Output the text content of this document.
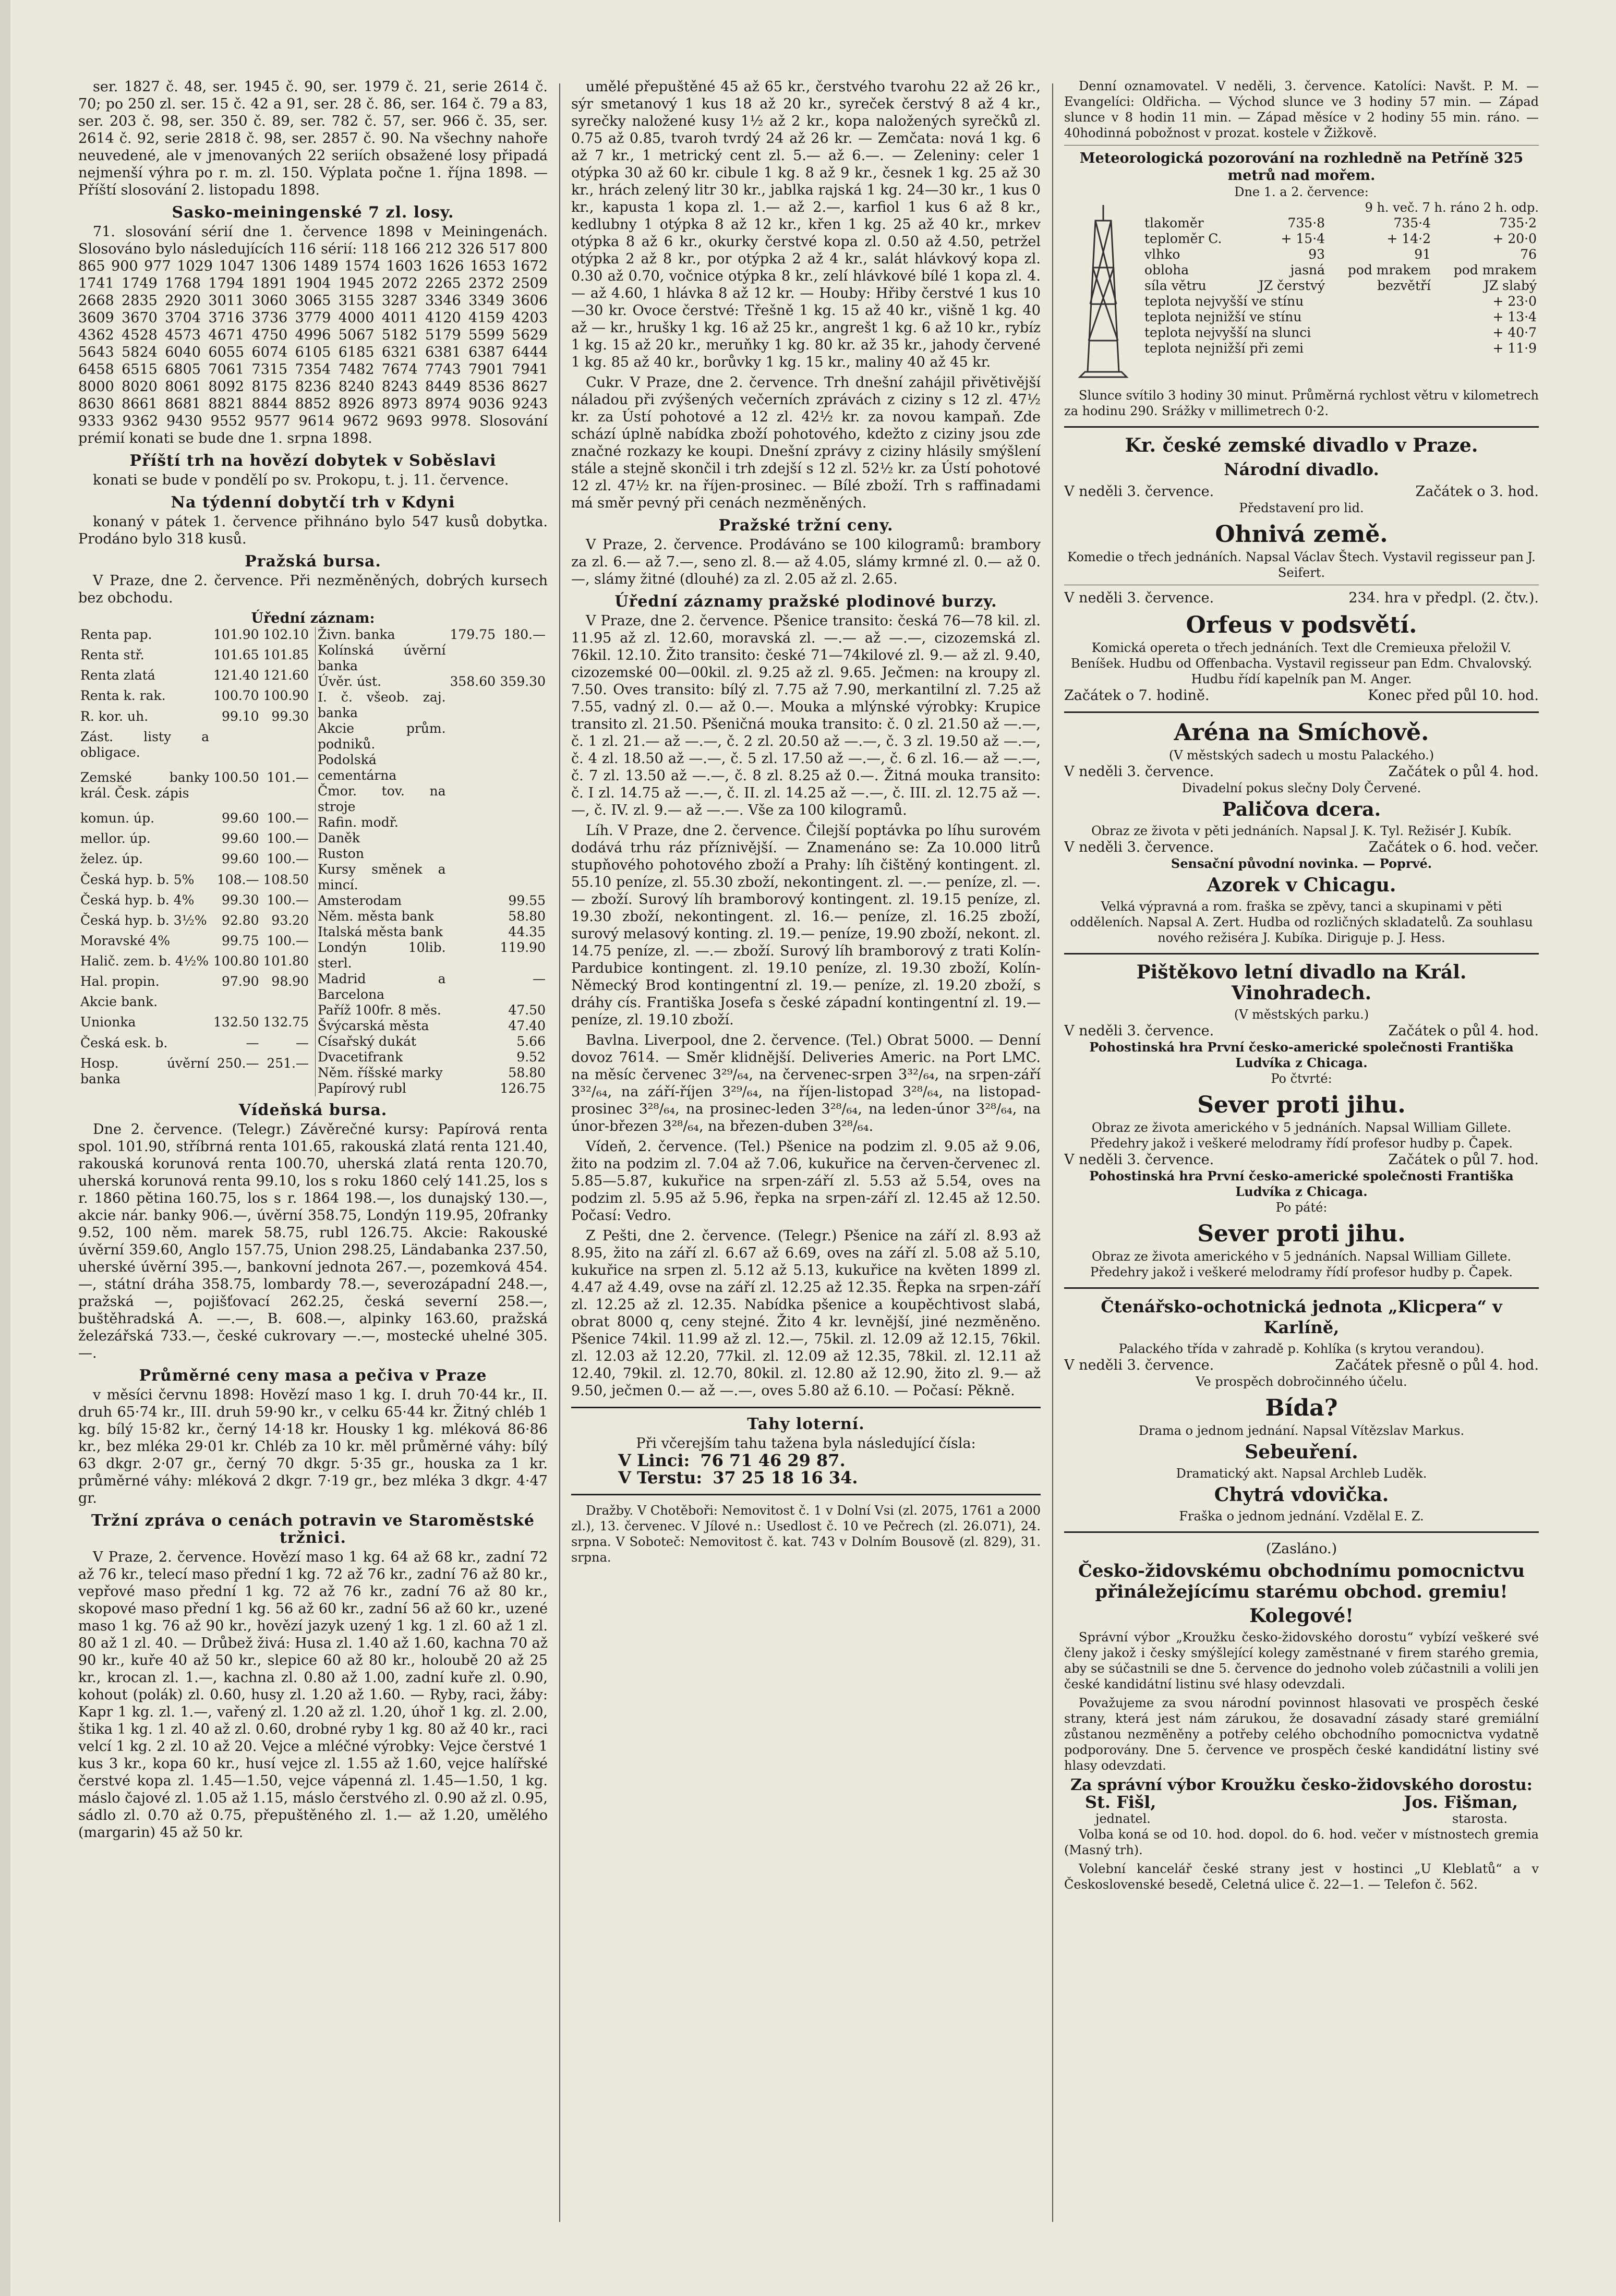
ser. 1827 č. 48, ser. 1945 č. 90, ser. 1979 č. 21, serie 2614 č. 70; po 250 zl. ser. 15 č. 42 a 91, ser. 28 č. 86, ser. 164 č. 79 a 83, ser. 203 č. 98, ser. 350 č. 89, ser. 782 č. 57, ser. 966 č. 35, ser. 2614 č. 92, serie 2818 č. 98, ser. 2857 č. 90. Na všechny nahoře neuvedené, ale v jmenovaných 22 seriích obsažené losy připadá nejmenší výhra po r. m. zl. 150. Výplata počne 1. října 1898. — Příští slosování 2. listopadu 1898.

Sasko-meiningenské 7 zl. losy.

71. slosování sérií dne 1. července 1898 v Meiningenách. Slosováno bylo následujících 116 sérií: 118 166 212 326 517 800 865 900 977 1029 1047 1306 1489 1574 1603 1626 1653 1672 1741 1749 1768 1794 1891 1904 1945 2072 2265 2372 2509 2668 2835 2920 3011 3060 3065 3155 3287 3346 3349 3606 3609 3670 3704 3716 3736 3779 4000 4011 4120 4159 4203 4362 4528 4573 4671 4750 4996 5067 5182 5179 5599 5629 5643 5824 6040 6055 6074 6105 6185 6321 6381 6387 6444 6458 6515 6805 7061 7315 7354 7482 7674 7743 7901 7941 8000 8020 8061 8092 8175 8236 8240 8243 8449 8536 8627 8630 8661 8681 8821 8844 8852 8926 8973 8974 9036 9243 9333 9362 9430 9552 9577 9614 9672 9693 9978. Slosování prémií konati se bude dne 1. srpna 1898.

Příští trh na hovězí dobytek v Soběslavi

konati se bude v pondělí po sv. Prokopu, t. j. 11. července.

Na týdenní dobytčí trh v Kdyni

konaný v pátek 1. července přihnáno bylo 547 kusů dobytka. Prodáno bylo 318 kusů.

Pražská bursa.

V Praze, dne 2. července. Při nezměněných, dobrých kursech bez obchodu.

Úřední záznam:
Renta pap.	101.90	102.10
Renta stř.	101.65	101.85
Renta zlatá	121.40	121.60
Renta k. rak.	100.70	100.90
R. kor. uh.	99.10	99.30
Zást. listy a obligace.		
Zemské banky král. Česk. zápis	100.50	101.—
komun. úp.	99.60	100.—
mellor. úp.	99.60	100.—
želez. úp.	99.60	100.—
Česká hyp. b. 5%	108.—	108.50
Česká hyp. b. 4%	99.30	100.—
Česká hyp. b. 3½%	92.80	93.20
Moravské 4%	99.75	100.—
Halič. zem. b. 4½%	100.80	101.80
Hal. propin.	97.90	98.90
Akcie bank.		
Unionka	132.50	132.75
Česká esk. b.	—	—
Hosp. úvěrní banka	250.—	251.—
Živn. banka	179.75	180.—
Kolínská úvěrní banka		
Úvěr. úst.	358.60	359.30
I. č. všeob. zaj. banka		
Akcie prům. podniků.		
Podolská cementárna		
Čmor. tov. na stroje		
Rafin. modř.		
Daněk		
Ruston		
Kursy směnek a mincí.		
Amsterodam		99.55
Něm. města bank		58.80
Italská města bank		44.35
Londýn 10lib. sterl.		119.90
Madrid a Barcelona		—
Paříž 100fr. 8 měs.		47.50
Švýcarská města		47.40
Císařský dukát		5.66
Dvacetifrank		9.52
Něm. říšské marky		58.80
Papírový rubl		126.75
Vídeňská bursa.

Dne 2. července. (Telegr.) Závěrečné kursy: Papírová renta spol. 101.90, stříbrná renta 101.65, rakouská zlatá renta 121.40, rakouská korunová renta 100.70, uherská zlatá renta 120.70, uherská korunová renta 99.10, los s roku 1860 celý 141.25, los s r. 1860 pětina 160.75, los s r. 1864 198.—, los dunajský 130.—, akcie nár. banky 906.—, úvěrní 358.75, Londýn 119.95, 20franky 9.52, 100 něm. marek 58.75, rubl 126.75. Akcie: Rakouské úvěrní 359.60, Anglo 157.75, Union 298.25, Ländabanka 237.50, uherské úvěrní 395.—, bankovní jednota 267.—, pozemková 454.—, státní dráha 358.75, lombardy 78.—, severozápadní 248.—, pražská —, pojišťovací 262.25, česká severní 258.—, buštěhradská A. —.—, B. 608.—, alpinky 163.60, pražská železářská 733.—, české cukrovary —.—, mostecké uhelné 305.—.

Průměrné ceny masa a pečiva v Praze

v měsíci červnu 1898: Hovězí maso 1 kg. I. druh 70·44 kr., II. druh 65·74 kr., III. druh 59·90 kr., v celku 65·44 kr. Žitný chléb 1 kg. bílý 15·82 kr., černý 14·18 kr. Housky 1 kg. mléková 86·86 kr., bez mléka 29·01 kr. Chléb za 10 kr. měl průměrné váhy: bílý 63 dkgr. 2·07 gr., černý 70 dkgr. 5·35 gr., houska za 1 kr. průměrné váhy: mléková 2 dkgr. 7·19 gr., bez mléka 3 dkgr. 4·47 gr.

Tržní zpráva o cenách potravin ve Staroměstské tržnici.

V Praze, 2. července. Hovězí maso 1 kg. 64 až 68 kr., zadní 72 až 76 kr., telecí maso přední 1 kg. 72 až 76 kr., zadní 76 až 80 kr., vepřové maso přední 1 kg. 72 až 76 kr., zadní 76 až 80 kr., skopové maso přední 1 kg. 56 až 60 kr., zadní 56 až 60 kr., uzené maso 1 kg. 76 až 90 kr., hovězí jazyk uzený 1 kg. 1 zl. 60 až 1 zl. 80 až 1 zl. 40. — Drůbež živá: Husa zl. 1.40 až 1.60, kachna 70 až 90 kr., kuře 40 až 50 kr., slepice 60 až 80 kr., holoubě 20 až 25 kr., krocan zl. 1.—, kachna zl. 0.80 až 1.00, zadní kuře zl. 0.90, kohout (polák) zl. 0.60, husy zl. 1.20 až 1.60. — Ryby, raci, žáby: Kapr 1 kg. zl. 1.—, vařený zl. 1.20 až zl. 1.20, úhoř 1 kg. zl. 2.00, štika 1 kg. 1 zl. 40 až zl. 0.60, drobné ryby 1 kg. 80 až 40 kr., raci velcí 1 kg. 2 zl. 10 až 20. Vejce a mléčné výrobky: Vejce čerstvé 1 kus 3 kr., kopa 60 kr., husí vejce zl. 1.55 až 1.60, vejce halířské čerstvé kopa zl. 1.45—1.50, vejce vápenná zl. 1.45—1.50, 1 kg. máslo čajové zl. 1.05 až 1.15, máslo čerstvého zl. 0.90 až zl. 0.95, sádlo zl. 0.70 až 0.75, přepuštěného zl. 1.— až 1.20, umělého (margarin) 45 až 50 kr.

umělé přepuštěné 45 až 65 kr., čerstvého tvarohu 22 až 26 kr., sýr smetanový 1 kus 18 až 20 kr., syreček čerstvý 8 až 4 kr., syrečky naložené kusy 1½ až 2 kr., kopa naložených syrečků zl. 0.75 až 0.85, tvaroh tvrdý 24 až 26 kr. — Zemčata: nová 1 kg. 6 až 7 kr., 1 metrický cent zl. 5.— až 6.—. — Zeleniny: celer 1 otýpka 30 až 60 kr. cibule 1 kg. 8 až 9 kr., česnek 1 kg. 25 až 30 kr., hrách zelený litr 30 kr., jablka rajská 1 kg. 24—30 kr., 1 kus 0 kr., kapusta 1 kopa zl. 1.— až 2.—, karfiol 1 kus 6 až 8 kr., kedlubny 1 otýpka 8 až 12 kr., křen 1 kg. 25 až 40 kr., mrkev otýpka 8 až 6 kr., okurky čerstvé kopa zl. 0.50 až 4.50, petržel otýpka 2 až 8 kr., por otýpka 2 až 4 kr., salát hlávkový kopa zl. 0.30 až 0.70, vočnice otýpka 8 kr., zelí hlávkové bílé 1 kopa zl. 4.— až 4.60, 1 hlávka 8 až 12 kr. — Houby: Hřiby čerstvé 1 kus 10—30 kr. Ovoce čerstvé: Třešně 1 kg. 15 až 40 kr., višně 1 kg. 40 až — kr., hrušky 1 kg. 16 až 25 kr., angrešt 1 kg. 6 až 10 kr., rybíz 1 kg. 15 až 20 kr., meruňky 1 kg. 80 kr. až 35 kr., jahody červené 1 kg. 85 až 40 kr., borůvky 1 kg. 15 kr., maliny 40 až 45 kr.

Cukr. V Praze, dne 2. července. Trh dnešní zahájil přivětivější náladou při zvýšených večerních zprávách z ciziny s 12 zl. 47½ kr. za Ústí pohotové a 12 zl. 42½ kr. za novou kampaň. Zde schází úplně nabídka zboží pohotového, kdežto z ciziny jsou zde značné rozkazy ke koupi. Dnešní zprávy z ciziny hlásily smýšlení stále a stejně skončil i trh zdejší s 12 zl. 52½ kr. za Ústí pohotové 12 zl. 47½ kr. na říjen-prosinec. — Bílé zboží. Trh s raffinadami má směr pevný při cenách nezměněných.

Pražské tržní ceny.

V Praze, 2. července. Prodáváno se 100 kilogramů: brambory za zl. 6.— až 7.—, seno zl. 8.— až 4.05, slámy krmné zl. 0.— až 0.—, slámy žitné (dlouhé) za zl. 2.05 až zl. 2.65.

Úřední záznamy pražské plodinové burzy.

V Praze, dne 2. července. Pšenice transito: česká 76—78 kil. zl. 11.95 až zl. 12.60, moravská zl. —.— až —.—, cizozemská zl. 76kil. 12.10. Žito transito: české 71—74kilové zl. 9.— až zl. 9.40, cizozemské 00—00kil. zl. 9.25 až zl. 9.65. Ječmen: na kroupy zl. 7.50. Oves transito: bílý zl. 7.75 až 7.90, merkantilní zl. 7.25 až 7.55, vadný zl. 0.— až 0.—. Mouka a mlýnské výrobky: Krupice transito zl. 21.50. Pšeničná mouka transito: č. 0 zl. 21.50 až —.—, č. 1 zl. 21.— až —.—, č. 2 zl. 20.50 až —.—, č. 3 zl. 19.50 až —.—, č. 4 zl. 18.50 až —.—, č. 5 zl. 17.50 až —.—, č. 6 zl. 16.— až —.—, č. 7 zl. 13.50 až —.—, č. 8 zl. 8.25 až 0.—. Žitná mouka transito: č. I zl. 14.75 až —.—, č. II. zl. 14.25 až —.—, č. III. zl. 12.75 až —.—, č. IV. zl. 9.— až —.—. Vše za 100 kilogramů.

Líh. V Praze, dne 2. července. Čilejší poptávka po líhu surovém dodává trhu ráz příznivější. — Znamenáno se: Za 10.000 litrů stupňového pohotového zboží a Prahy: líh čištěný kontingent. zl. 55.10 peníze, zl. 55.30 zboží, nekontingent. zl. —.— peníze, zl. —.— zboží. Surový líh bramborový kontingent. zl. 19.15 peníze, zl. 19.30 zboží, nekontingent. zl. 16.— peníze, zl. 16.25 zboží, surový melasový konting. zl. 19.— peníze, 19.90 zboží, nekont. zl. 14.75 peníze, zl. —.— zboží. Surový líh bramborový z trati Kolín-Pardubice kontingent. zl. 19.10 peníze, zl. 19.30 zboží, Kolín-Německý Brod kontingentní zl. 19.— peníze, zl. 19.20 zboží, s dráhy cís. Františka Josefa s české západní kontingentní zl. 19.— peníze, zl. 19.10 zboží.

Bavlna. Liverpool, dne 2. července. (Tel.) Obrat 5000. — Denní dovoz 7614. — Směr klidnější. Deliveries Americ. na Port LMC. na měsíc červenec 3²⁹/₆₄, na červenec-srpen 3³²/₆₄, na srpen-září 3³²/₆₄, na září-říjen 3²⁹/₆₄, na říjen-listopad 3²⁸/₆₄, na listopad-prosinec 3²⁸/₆₄, na prosinec-leden 3²⁸/₆₄, na leden-únor 3²⁸/₆₄, na únor-březen 3²⁸/₆₄, na březen-duben 3²⁸/₆₄.

Vídeň, 2. července. (Tel.) Pšenice na podzim zl. 9.05 až 9.06, žito na podzim zl. 7.04 až 7.06, kukuřice na červen-červenec zl. 5.85—5.87, kukuřice na srpen-září zl. 5.53 až 5.54, oves na podzim zl. 5.95 až 5.96, řepka na srpen-září zl. 12.45 až 12.50. Počasí: Vedro.

Z Pešti, dne 2. července. (Telegr.) Pšenice na září zl. 8.93 až 8.95, žito na září zl. 6.67 až 6.69, oves na září zl. 5.08 až 5.10, kukuřice na srpen zl. 5.12 až 5.13, kukuřice na květen 1899 zl. 4.47 až 4.49, ovse na září zl. 12.25 až 12.35. Řepka na srpen-září zl. 12.25 až zl. 12.35. Nabídka pšenice a koupěchtivost slabá, obrat 8000 q, ceny stejné. Žito 4 kr. levnější, jiné nezměněno. Pšenice 74kil. 11.99 až zl. 12.—, 75kil. zl. 12.09 až 12.15, 76kil. zl. 12.03 až 12.20, 77kil. zl. 12.09 až 12.35, 78kil. zl. 12.11 až 12.40, 79kil. zl. 12.70, 80kil. zl. 12.80 až 12.90, žito zl. 9.— až 9.50, ječmen 0.— až —.—, oves 5.80 až 6.10. — Počasí: Pěkně.

Tahy loterní.
Při včerejším tahu tažena byla následující čísla:
V Linci: 76 71 46 29 87.
V Terstu: 37 25 18 16 34.

Dražby. V Chotěboři: Nemovitost č. 1 v Dolní Vsi (zl. 2075, 1761 a 2000 zl.), 13. červenec. V Jílové n.: Usedlost č. 10 ve Pečrech (zl. 26.071), 24. srpna. V Soboteč: Nemovitost č. kat. 743 v Dolním Bousově (zl. 829), 31. srpna.

Denní oznamovatel. V neděli, 3. července. Katolíci: Navšt. P. M. — Evangelíci: Oldřicha. — Východ slunce ve 3 hodiny 57 min. — Západ slunce v 8 hodin 11 min. — Západ měsíce v 2 hodiny 55 min. ráno. — 40hodinná pobožnost v prozat. kostele v Žižkově.

Meteorologická pozorování na rozhledně na Petříně 325 metrů nad mořem.
Dne 1. a 2. července:
9 h. več. 7 h. ráno 2 h. odp.
tlakoměr	735·8	735·4	735·2
teploměr C.	+ 15·4	+ 14·2	+ 20·0
vlhko	93	91	76
obloha	jasná	pod mrakem	pod mrakem
síla větru	JZ čerstvý	bezvětří	JZ slabý
teplota nejvyšší ve stínu	+ 23·0
teplota nejnižší ve stínu	+ 13·4
teplota nejvyšší na slunci	+ 40·7
teplota nejnižší při zemi	+ 11·9

Slunce svítilo 3 hodiny 30 minut. Průměrná rychlost větru v kilometrech za hodinu 290. Srážky v millimetrech 0·2.

Kr. české zemské divadlo v Praze.
Národní divadlo.
V neděli 3. července.	Začátek o 3. hod.
Představení pro lid.
Ohnivá země.

Komedie o třech jednáních. Napsal Václav Štech. Vystavil regisseur pan J. Seifert.

V neděli 3. července.	234. hra v předpl. (2. čtv.).
Orfeus v podsvětí.

Komická opereta o třech jednáních. Text dle Cremieuxa přeložil V. Beníšek. Hudbu od Offenbacha. Vystavil regisseur pan Edm. Chvalovský. Hudbu řídí kapelník pan M. Anger.

Začátek o 7. hodině.	Konec před půl 10. hod.
Aréna na Smíchově.
(V městských sadech u mostu Palackého.)
V neděli 3. července.	Začátek o půl 4. hod.
Divadelní pokus slečny Doly Červené.
Paličova dcera.

Obraz ze života v pěti jednáních. Napsal J. K. Tyl. Režisér J. Kubík.

V neděli 3. července.	Začátek o 6. hod. večer.
Sensační původní novinka. — Poprvé.
Azorek v Chicagu.

Velká výpravná a rom. fraška se zpěvy, tanci a skupinami v pěti odděleních. Napsal A. Zert. Hudba od rozličných skladatelů. Za souhlasu nového režiséra J. Kubíka. Diriguje p. J. Hess.

Pištěkovo letní divadlo na Král. Vinohradech.
(V městských parku.)
V neděli 3. července.	Začátek o půl 4. hod.
Pohostinská hra První česko-americké společnosti Františka Ludvíka z Chicaga.
Po čtvrté:
Sever proti jihu.

Obraz ze života amerického v 5 jednáních. Napsal William Gillete. Předehry jakož i veškeré melodramy řídí profesor hudby p. Čapek.

V neděli 3. července.	Začátek o půl 7. hod.
Pohostinská hra První česko-americké společnosti Františka Ludvíka z Chicaga.
Po páté:
Sever proti jihu.

Obraz ze života amerického v 5 jednáních. Napsal William Gillete. Předehry jakož i veškeré melodramy řídí profesor hudby p. Čapek.

Čtenářsko-ochotnická jednota „Klicpera“ v Karlíně,
Palackého třída v zahradě p. Kohlíka (s krytou verandou).
V neděli 3. července.	Začátek přesně o půl 4. hod.
Ve prospěch dobročinného účelu.
Bída?
Drama o jednom jednání. Napsal Vítězslav Markus.
Sebeuření.
Dramatický akt. Napsal Archleb Luděk.
Chytrá vdovička.
Fraška o jednom jednání. Vzdělal E. Z.
(Zasláno.)
Česko-židovskému obchodnímu pomocnictvu přináležejícímu starému obchod. gremiu!
Kolegové!

Správní výbor „Kroužku česko-židovského dorostu“ vybízí veškeré své členy jakož i česky smýšlející kolegy zaměstnané v firem starého gremia, aby se súčastnili se dne 5. července do jednoho voleb zúčastnili a volili jen české kandidátní listinu své hlasy odevzdali.

Považujeme za svou národní povinnost hlasovati ve prospěch české strany, která jest nám zárukou, že dosavadní zásady staré gremiální zůstanou nezměněny a potřeby celého obchodního pomocnictva vydatně podporovány. Dne 5. července ve prospěch české kandidátní listiny své hlasy odevzdati.

Za správní výbor Kroužku česko-židovského dorostu:
St. Fišl,	Jos. Fišman,
jednatel.	starosta.

Volba koná se od 10. hod. dopol. do 6. hod. večer v místnostech gremia (Masný trh).

Volební kancelář české strany jest v hostinci „U Kleblatů“ a v Československé besedě, Celetná ulice č. 22—1. — Telefon č. 562.
